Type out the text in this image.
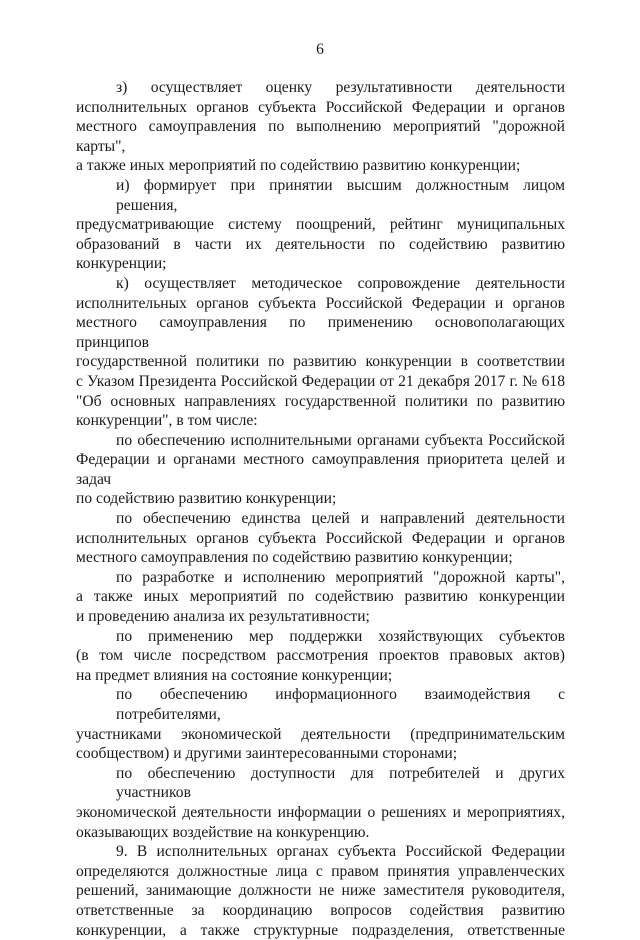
6
з) осуществляет оценку результативности деятельности
исполнительных органов субъекта Российской Федерации и органов
местного самоуправления по выполнению мероприятий "дорожной карты",
а также иных мероприятий по содействию развитию конкуренции;
и) формирует при принятии высшим должностным лицом решения,
предусматривающие систему поощрений, рейтинг муниципальных
образований в части их деятельности по содействию развитию
конкуренции;
к) осуществляет методическое сопровождение деятельности
исполнительных органов субъекта Российской Федерации и органов
местного самоуправления по применению основополагающих принципов
государственной политики по развитию конкуренции в соответствии
с Указом Президента Российской Федерации от 21 декабря 2017 г. № 618
"Об основных направлениях государственной политики по развитию
конкуренции", в том числе:
по обеспечению исполнительными органами субъекта Российской
Федерации и органами местного самоуправления приоритета целей и задач
по содействию развитию конкуренции;
по обеспечению единства целей и направлений деятельности
исполнительных органов субъекта Российской Федерации и органов
местного самоуправления по содействию развитию конкуренции;
по разработке и исполнению мероприятий "дорожной карты",
а также иных мероприятий по содействию развитию конкуренции
и проведению анализа их результативности;
по применению мер поддержки хозяйствующих субъектов
(в том числе посредством рассмотрения проектов правовых актов)
на предмет влияния на состояние конкуренции;
по обеспечению информационного взаимодействия с потребителями,
участниками экономической деятельности (предпринимательским
сообществом) и другими заинтересованными сторонами;
по обеспечению доступности для потребителей и других участников
экономической деятельности информации о решениях и мероприятиях,
оказывающих воздействие на конкуренцию.
9. В исполнительных органах субъекта Российской Федерации
определяются должностные лица с правом принятия управленческих
решений, занимающие должности не ниже заместителя руководителя,
ответственные за координацию вопросов содействия развитию
конкуренции, а также структурные подразделения, ответственные
